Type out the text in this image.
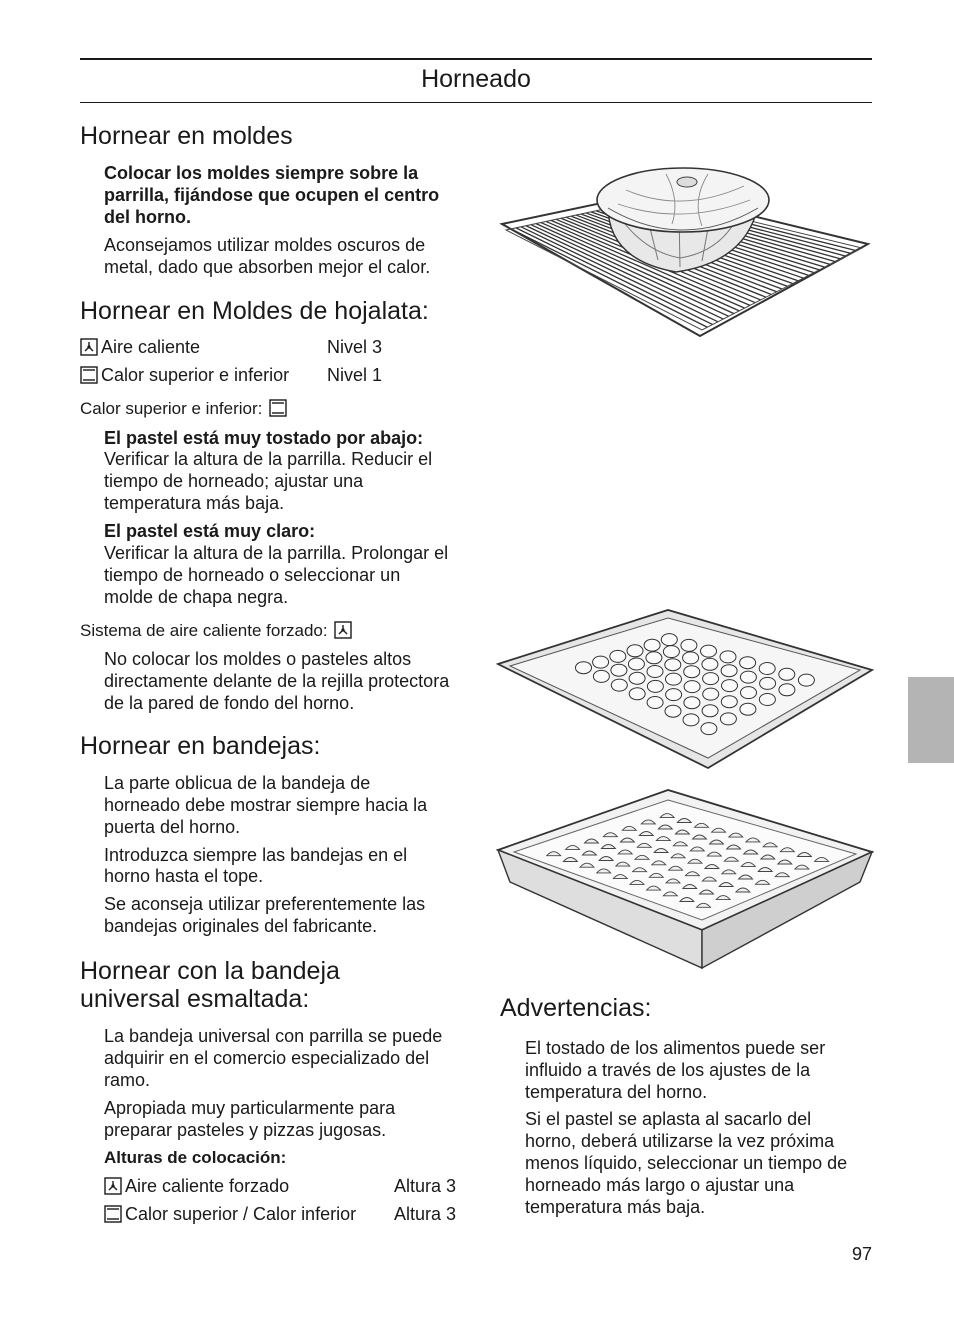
Horneado
Hornear en moldes
Colocar los moldes siempre sobre la
parrilla, fijándose que ocupen el centro
del horno.
Aconsejamos utilizar moldes oscuros de
metal, dado que absorben mejor el calor.
Hornear en Moldes de hojalata:
Aire caliente	Nivel 3
Calor superior e inferior Nivel 1
Calor superior e inferior:
El pastel está muy tostado por abajo:
Verificar la altura de la parrilla. Reducir el
tiempo de horneado; ajustar una
temperatura más baja.
El pastel está muy claro:
Verificar la altura de la parrilla. Prolongar el
tiempo de horneado o seleccionar un
molde de chapa negra.
Sistema de aire caliente forzado:
No colocar los moldes o pasteles altos
directamente delante de la rejilla protectora
de la pared de fondo del horno.
Hornear en bandejas:
La parte oblicua de la bandeja de
horneado debe mostrar siempre hacia la
puerta del horno.
Introduzca siempre las bandejas en el
horno hasta el tope.
Se aconseja utilizar preferentemente las
bandejas originales del fabricante.
Hornear con la bandeja
universal esmaltada:
La bandeja universal con parrilla se puede
adquirir en el comercio especializado del
ramo.
Apropiada muy particularmente para
preparar pasteles y pizzas jugosas.
Alturas de colocación:
Aire caliente forzado	Altura 3
Calor superior / Calor inferior Altura 3
Advertencias:
El tostado de los alimentos puede ser
influido a través de los ajustes de la
temperatura del horno.
Si el pastel se aplasta al sacarlo del
horno, deberá utilizarse la vez próxima
menos líquido, seleccionar un tiempo de
horneado más largo o ajustar una
temperatura más baja.
97
